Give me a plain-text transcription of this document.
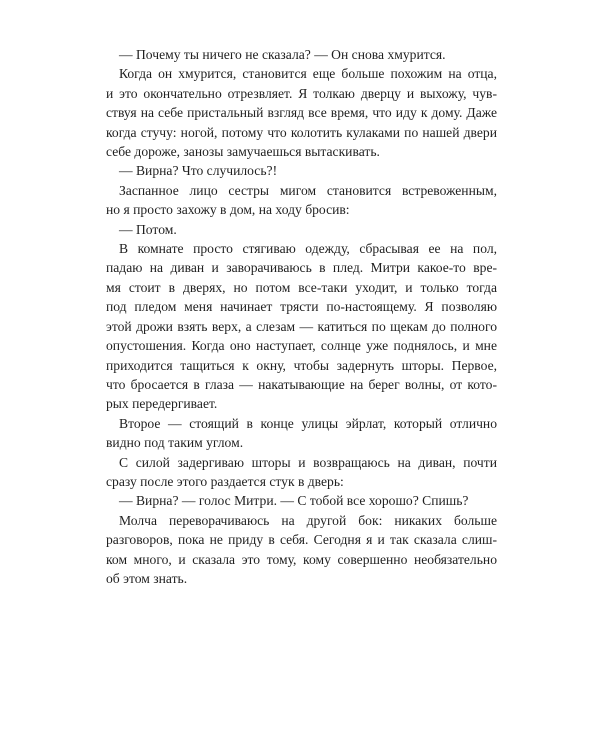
— Почему ты ничего не сказала? — Он снова хмурится.

Когда он хмурится, становится еще больше похожим на отца,
и это окончательно отрезвляет. Я толкаю дверцу и выхожу, чув-
ствуя на себе пристальный взгляд все время, что иду к дому. Даже
когда стучу: ногой, потому что колотить кулаками по нашей двери
себе дороже, занозы замучаешься вытаскивать.

— Вирна? Что случилось?!

Заспанное лицо сестры мигом становится встревоженным,
но я просто захожу в дом, на ходу бросив:

— Потом.

В комнате просто стягиваю одежду, сбрасывая ее на пол,
падаю на диван и заворачиваюсь в плед. Митри какое-то вре-
мя стоит в дверях, но потом все-таки уходит, и только тогда
под пледом меня начинает трясти по-настоящему. Я позволяю
этой дрожи взять верх, а слезам — катиться по щекам до полного
опустошения. Когда оно наступает, солнце уже поднялось, и мне
приходится тащиться к окну, чтобы задернуть шторы. Первое,
что бросается в глаза — накатывающие на берег волны, от кото-
рых передергивает.

Второе — стоящий в конце улицы эйрлат, который отлично
видно под таким углом.

С силой задергиваю шторы и возвращаюсь на диван, почти
сразу после этого раздается стук в дверь:

— Вирна? — голос Митри. — С тобой все хорошо? Спишь?

Молча переворачиваюсь на другой бок: никаких больше
разговоров, пока не приду в себя. Сегодня я и так сказала слиш-
ком много, и сказала это тому, кому совершенно необязательно
об этом знать.
